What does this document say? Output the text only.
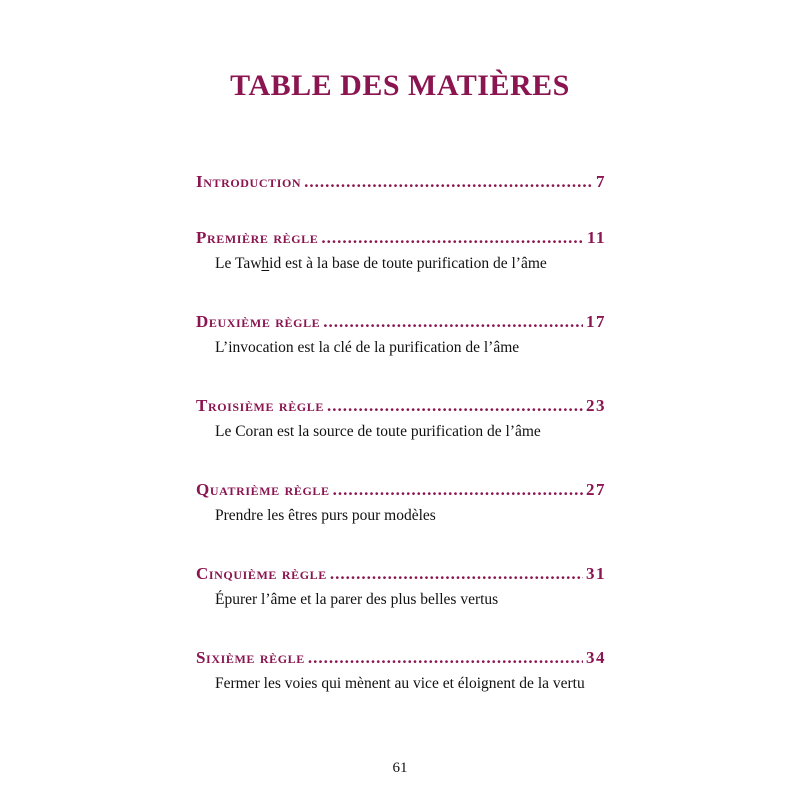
TABLE DES MATIÈRES
Introduction .....	7
Première règle .....	11
Le Tawhid est à la base de toute purification de l’âme
Deuxième règle .....	17
L’invocation est la clé de la purification de l’âme
Troisième règle .....	23
Le Coran est la source de toute purification de l’âme
Quatrième règle .....	27
Prendre les êtres purs pour modèles
Cinquième règle .....	31
Épurer l’âme et la parer des plus belles vertus
Sixième règle .....	34
Fermer les voies qui mènent au vice et éloignent de la vertu
61
